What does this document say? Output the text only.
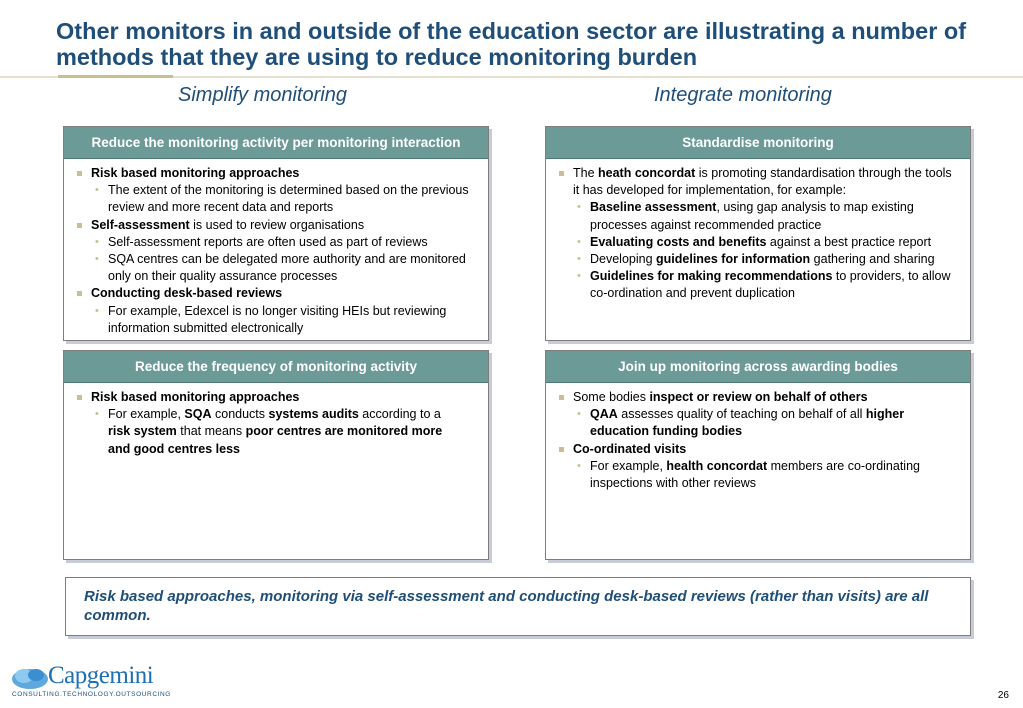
Other monitors in and outside of the education sector are illustrating a number of methods that they are using to reduce monitoring burden
Simplify monitoring	Integrate monitoring
Reduce the monitoring activity per monitoring interaction
Risk based monitoring approaches
• The extent of the monitoring is determined based on the previous review and more recent data and reports
Self-assessment is used to review organisations
• Self-assessment reports are often used as part of reviews
• SQA centres can be delegated more authority and are monitored only on their quality assurance processes
Conducting desk-based reviews
• For example, Edexcel is no longer visiting HEIs but reviewing information submitted electronically
Standardise monitoring
The heath concordat is promoting standardisation through the tools it has developed for implementation, for example:
• Baseline assessment, using gap analysis to map existing processes against recommended practice
• Evaluating costs and benefits against a best practice report
• Developing guidelines for information gathering and sharing
• Guidelines for making recommendations to providers, to allow co-ordination and prevent duplication
Reduce the frequency of monitoring activity
Risk based monitoring approaches
• For example, SQA conducts systems audits according to a risk system that means poor centres are monitored more and good centres less
Join up monitoring across awarding bodies
Some bodies inspect or review on behalf of others
• QAA assesses quality of teaching on behalf of all higher education funding bodies
Co-ordinated visits
• For example, health concordat members are co-ordinating inspections with other reviews
Risk based approaches, monitoring via self-assessment and conducting desk-based reviews (rather than visits) are all common.
Capgemini
CONSULTING.TECHNOLOGY.OUTSOURCING	26
